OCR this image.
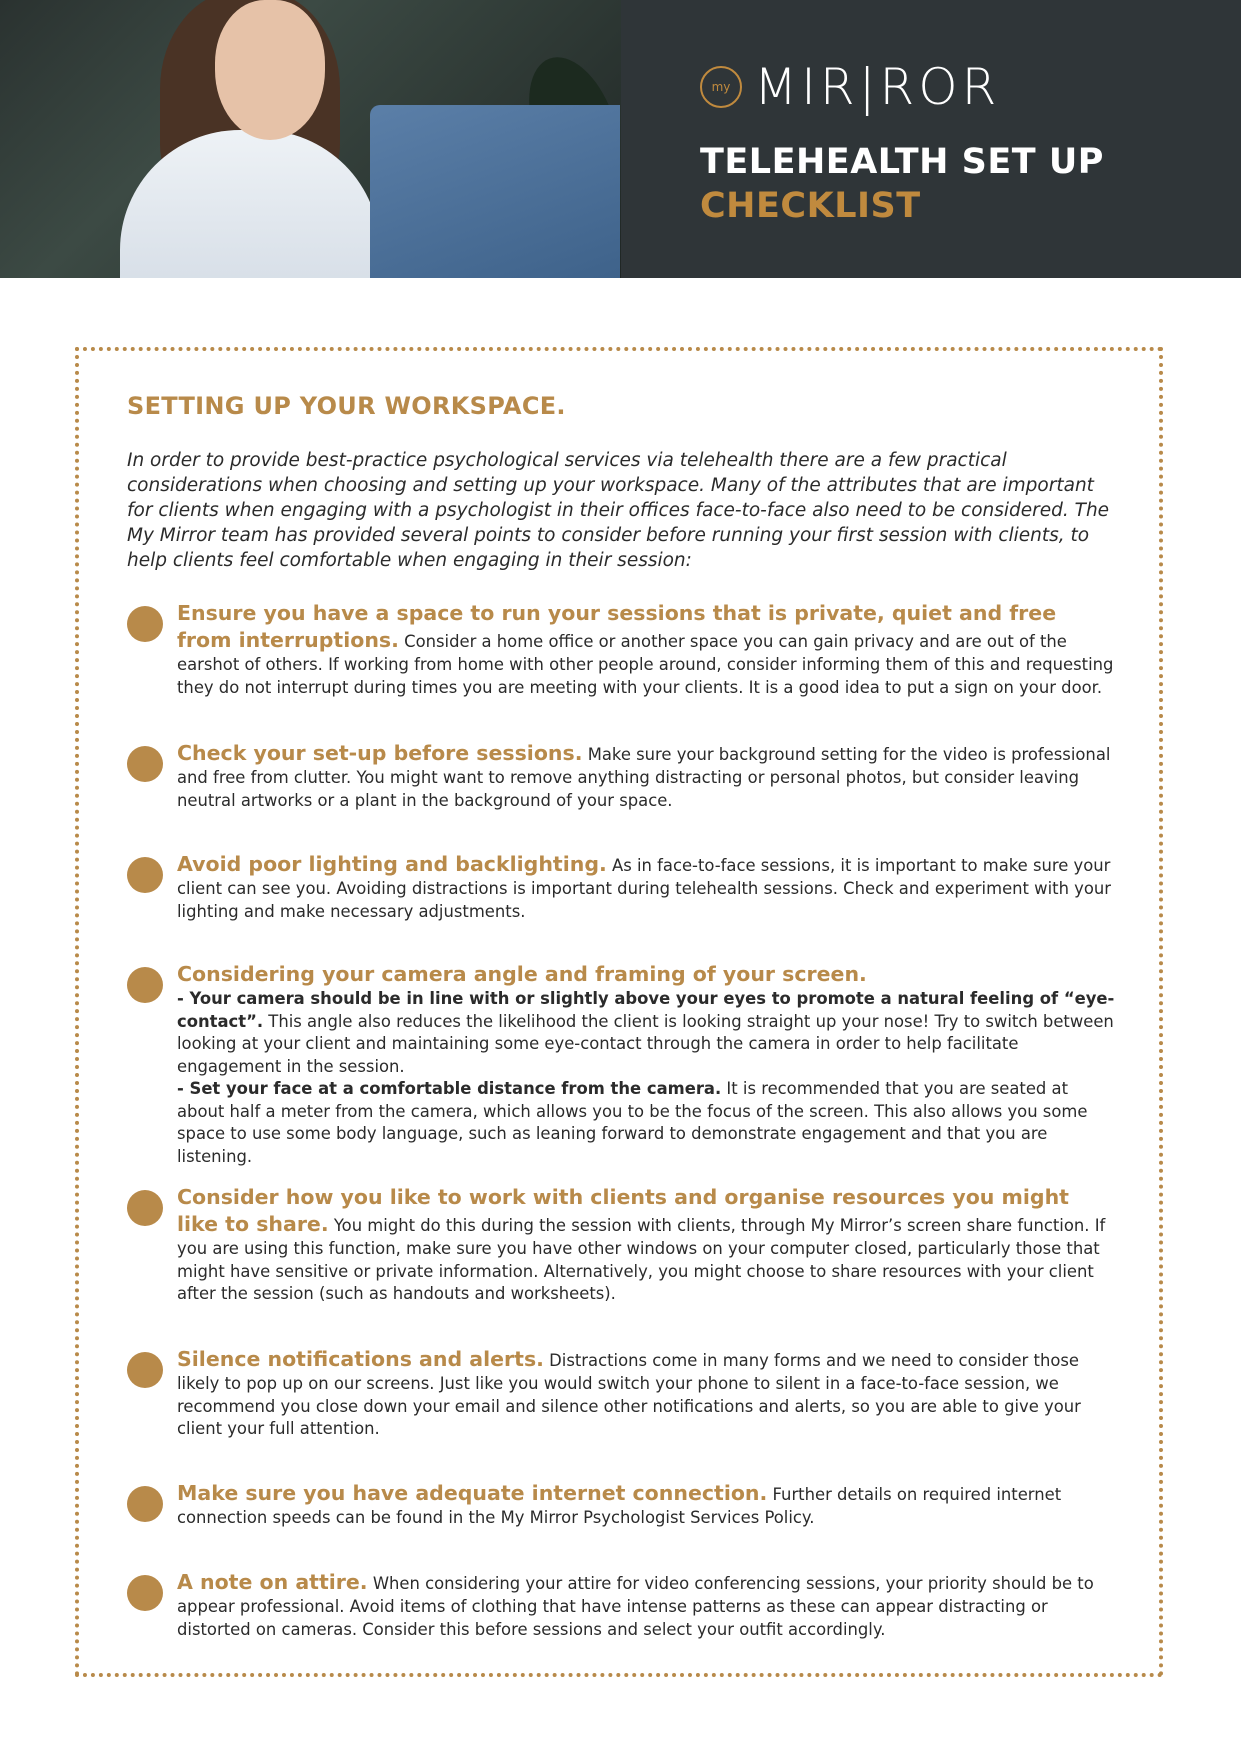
my MIR|ROR
TELEHEALTH SET UP
CHECKLIST
SETTING UP YOUR WORKSPACE.
In order to provide best-practice psychological services via telehealth there are a few practical considerations when choosing and setting up your workspace. Many of the attributes that are important for clients when engaging with a psychologist in their offices face-to-face also need to be considered. The My Mirror team has provided several points to consider before running your first session with clients, to help clients feel comfortable when engaging in their session:
Ensure you have a space to run your sessions that is private, quiet and free from interruptions. Consider a home office or another space you can gain privacy and are out of the earshot of others. If working from home with other people around, consider informing them of this and requesting they do not interrupt during times you are meeting with your clients. It is a good idea to put a sign on your door.
Check your set-up before sessions. Make sure your background setting for the video is professional and free from clutter. You might want to remove anything distracting or personal photos, but consider leaving neutral artworks or a plant in the background of your space.
Avoid poor lighting and backlighting. As in face-to-face sessions, it is important to make sure your client can see you. Avoiding distractions is important during telehealth sessions. Check and experiment with your lighting and make necessary adjustments.
Considering your camera angle and framing of your screen.
- Your camera should be in line with or slightly above your eyes to promote a natural feeling of “eye-contact”. This angle also reduces the likelihood the client is looking straight up your nose! Try to switch between looking at your client and maintaining some eye-contact through the camera in order to help facilitate engagement in the session.
- Set your face at a comfortable distance from the camera. It is recommended that you are seated at about half a meter from the camera, which allows you to be the focus of the screen. This also allows you some space to use some body language, such as leaning forward to demonstrate engagement and that you are listening.
Consider how you like to work with clients and organise resources you might like to share. You might do this during the session with clients, through My Mirror’s screen share function. If you are using this function, make sure you have other windows on your computer closed, particularly those that might have sensitive or private information. Alternatively, you might choose to share resources with your client after the session (such as handouts and worksheets).
Silence notifications and alerts. Distractions come in many forms and we need to consider those likely to pop up on our screens. Just like you would switch your phone to silent in a face-to-face session, we recommend you close down your email and silence other notifications and alerts, so you are able to give your client your full attention.
Make sure you have adequate internet connection. Further details on required internet connection speeds can be found in the My Mirror Psychologist Services Policy.
A note on attire. When considering your attire for video conferencing sessions, your priority should be to appear professional. Avoid items of clothing that have intense patterns as these can appear distracting or distorted on cameras. Consider this before sessions and select your outfit accordingly.
